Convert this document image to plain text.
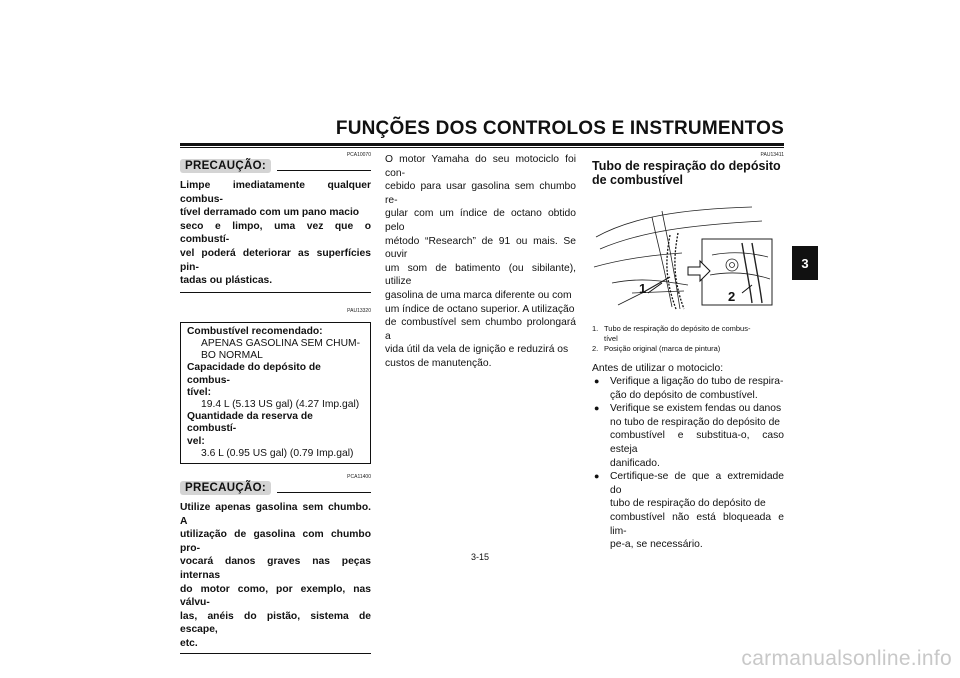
FUNÇÕES DOS CONTROLOS E INSTRUMENTOS
3
PCA10070
PRECAUÇÃO:
Limpe imediatamente qualquer combus-
tível derramado com um pano macio
seco e limpo, uma vez que o combustí-
vel poderá deteriorar as superfícies pin-
tadas ou plásticas.
PAU13320
Combustível recomendado:
APENAS GASOLINA SEM CHUM-
BO NORMAL
Capacidade do depósito de combus-
tível:
19.4 L (5.13 US gal) (4.27 Imp.gal)
Quantidade da reserva de combustí-
vel:
3.6 L (0.95 US gal) (0.79 Imp.gal)
PCA11400
PRECAUÇÃO:
Utilize apenas gasolina sem chumbo. A
utilização de gasolina com chumbo pro-
vocará danos graves nas peças internas
do motor como, por exemplo, nas válvu-
las, anéis do pistão, sistema de escape,
etc.
O motor Yamaha do seu motociclo foi con-
cebido para usar gasolina sem chumbo re-
gular com um índice de octano obtido pelo
método “Research” de 91 ou mais. Se ouvir
um som de batimento (ou sibilante), utilize
gasolina de uma marca diferente ou com
um índice de octano superior. A utilização
de combustível sem chumbo prolongará a
vida útil da vela de ignição e reduzirá os
custos de manutenção.
PAU13411
Tubo de respiração do depósito
de combustível
1
2
1. Tubo de respiração do depósito de combus-
tível
2. Posição original (marca de pintura)
Antes de utilizar o motociclo:
●	Verifique a ligação do tubo de respira-
ção do depósito de combustível.
●	Verifique se existem fendas ou danos
no tubo de respiração do depósito de
combustível e substitua-o, caso esteja
danificado.
●	Certifique-se de que a extremidade do
tubo de respiração do depósito de
combustível não está bloqueada e lim-
pe-a, se necessário.
3-15
carmanualsonline.info
